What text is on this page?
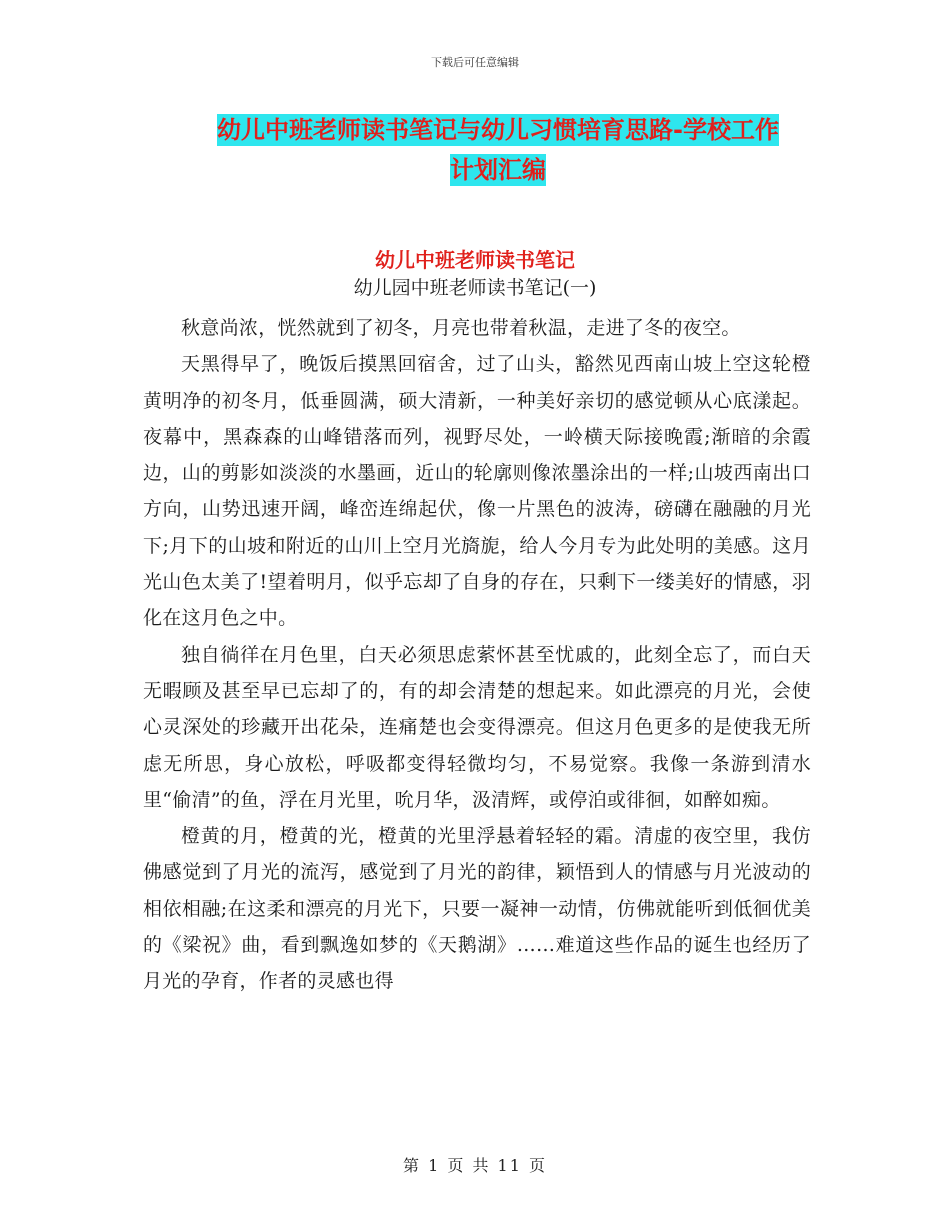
下载后可任意编辑
幼儿中班老师读书笔记与幼儿习惯培育思路-学校工作
计划汇编
幼儿中班老师读书笔记
幼儿园中班老师读书笔记(一)

秋意尚浓，恍然就到了初冬，月亮也带着秋温，走进了冬的夜空。

天黑得早了，晚饭后摸黑回宿舍，过了山头，豁然见西南山坡上空这轮橙黄明净的初冬月，低垂圆满，硕大清新，一种美好亲切的感觉顿从心底漾起。夜幕中，黑森森的山峰错落而列，视野尽处，一岭横天际接晚霞;渐暗的余霞边，山的剪影如淡淡的水墨画，近山的轮廓则像浓墨涂出的一样;山坡西南出口方向，山势迅速开阔，峰峦连绵起伏，像一片黑色的波涛，磅礴在融融的月光下;月下的山坡和附近的山川上空月光旖旎，给人今月专为此处明的美感。这月光山色太美了!望着明月，似乎忘却了自身的存在，只剩下一缕美好的情感，羽化在这月色之中。

独自徜徉在月色里，白天必须思虑萦怀甚至忧戚的，此刻全忘了，而白天无暇顾及甚至早已忘却了的，有的却会清楚的想起来。如此漂亮的月光，会使心灵深处的珍藏开出花朵，连痛楚也会变得漂亮。但这月色更多的是使我无所虑无所思，身心放松，呼吸都变得轻微均匀，不易觉察。我像一条游到清水里“偷清”的鱼，浮在月光里，吮月华，汲清辉，或停泊或徘徊，如醉如痴。

橙黄的月，橙黄的光，橙黄的光里浮悬着轻轻的霜。清虚的夜空里，我仿佛感觉到了月光的流泻，感觉到了月光的韵律，颖悟到人的情感与月光波动的相依相融;在这柔和漂亮的月光下，只要一凝神一动情，仿佛就能听到低徊优美的《梁祝》曲，看到飘逸如梦的《天鹅湖》……难道这些作品的诞生也经历了月光的孕育，作者的灵感也得

第 1 页 共 11 页
